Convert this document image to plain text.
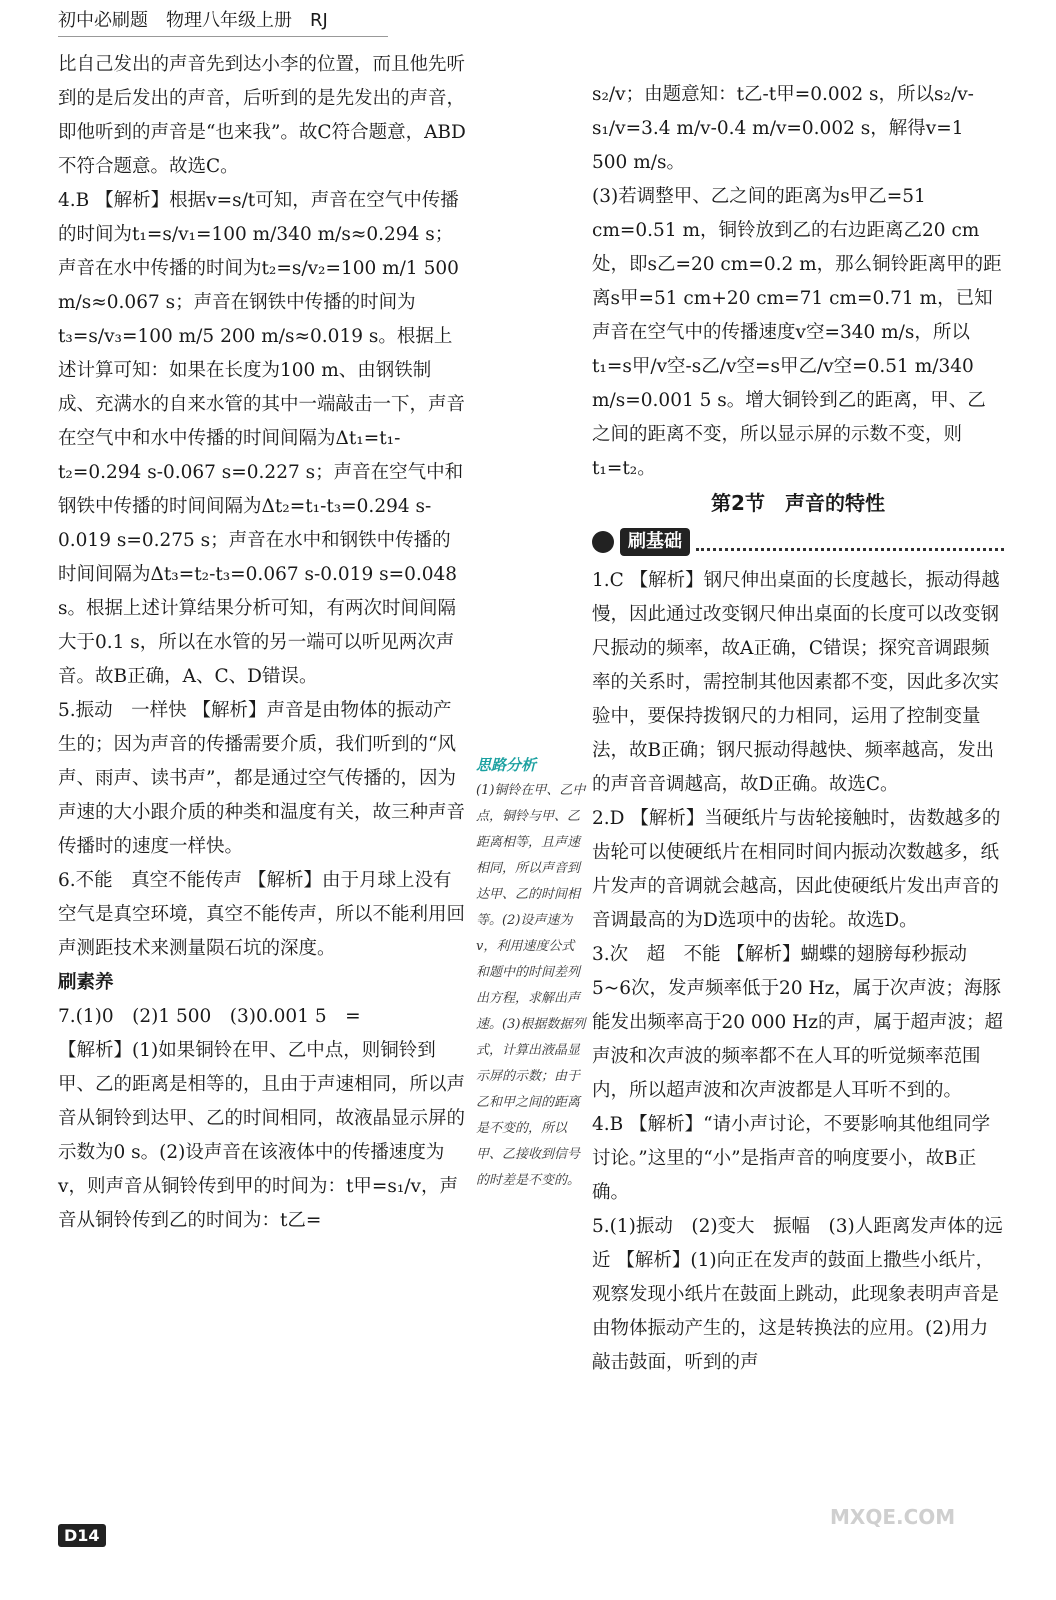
初中必刷题　物理八年级上册　RJ

比自己发出的声音先到达小李的位置，而且他先听到的是后发出的声音，后听到的是先发出的声音，即他听到的声音是“也来我”。故C符合题意，ABD不符合题意。故选C。

4.B 【解析】根据v=s/t可知，声音在空气中传播的时间为t₁=s/v₁=100 m/340 m/s≈0.294 s；声音在水中传播的时间为t₂=s/v₂=100 m/1 500 m/s≈0.067 s；声音在钢铁中传播的时间为t₃=s/v₃=100 m/5 200 m/s≈0.019 s。根据上述计算可知：如果在长度为100 m、由钢铁制成、充满水的自来水管的其中一端敲击一下，声音在空气中和水中传播的时间间隔为Δt₁=t₁-t₂=0.294 s-0.067 s=0.227 s；声音在空气中和钢铁中传播的时间间隔为Δt₂=t₁-t₃=0.294 s-0.019 s=0.275 s；声音在水中和钢铁中传播的时间间隔为Δt₃=t₂-t₃=0.067 s-0.019 s=0.048 s。根据上述计算结果分析可知，有两次时间间隔大于0.1 s，所以在水管的另一端可以听见两次声音。故B正确，A、C、D错误。

5.振动　一样快 【解析】声音是由物体的振动产生的；因为声音的传播需要介质，我们听到的“风声、雨声、读书声”，都是通过空气传播的，因为声速的大小跟介质的种类和温度有关，故三种声音传播时的速度一样快。

6.不能　真空不能传声 【解析】由于月球上没有空气是真空环境，真空不能传声，所以不能利用回声测距技术来测量陨石坑的深度。

刷素养

7.(1)0　(2)1 500　(3)0.001 5　=

【解析】(1)如果铜铃在甲、乙中点，则铜铃到甲、乙的距离是相等的，且由于声速相同，所以声音从铜铃到达甲、乙的时间相同，故液晶显示屏的示数为0 s。(2)设声音在该液体中的传播速度为v，则声音从铜铃传到甲的时间为：t甲=s₁/v，声音从铜铃传到乙的时间为：t乙=

思路分析
(1)铜铃在甲、乙中点，铜铃与甲、乙距离相等，且声速相同，所以声音到达甲、乙的时间相等。(2)设声速为v，利用速度公式和题中的时间差列出方程，求解出声速。(3)根据数据列式，计算出液晶显示屏的示数；由于乙和甲之间的距离是不变的，所以甲、乙接收到信号的时差是不变的。

s₂/v；由题意知：t乙-t甲=0.002 s，所以s₂/v-s₁/v=3.4 m/v-0.4 m/v=0.002 s，解得v=1 500 m/s。

(3)若调整甲、乙之间的距离为s甲乙=51 cm=0.51 m，铜铃放到乙的右边距离乙20 cm处，即s乙=20 cm=0.2 m，那么铜铃距离甲的距离s甲=51 cm+20 cm=71 cm=0.71 m，已知声音在空气中的传播速度v空=340 m/s，所以t₁=s甲/v空-s乙/v空=s甲乙/v空=0.51 m/340 m/s=0.001 5 s。增大铜铃到乙的距离，甲、乙之间的距离不变，所以显示屏的示数不变，则t₁=t₂。

第2节　声音的特性

刷基础

1.C 【解析】钢尺伸出桌面的长度越长，振动得越慢，因此通过改变钢尺伸出桌面的长度可以改变钢尺振动的频率，故A正确，C错误；探究音调跟频率的关系时，需控制其他因素都不变，因此多次实验中，要保持拨钢尺的力相同，运用了控制变量法，故B正确；钢尺振动得越快、频率越高，发出的声音音调越高，故D正确。故选C。

2.D 【解析】当硬纸片与齿轮接触时，齿数越多的齿轮可以使硬纸片在相同时间内振动次数越多，纸片发声的音调就会越高，因此使硬纸片发出声音的音调最高的为D选项中的齿轮。故选D。

3.次　超　不能 【解析】蝴蝶的翅膀每秒振动5~6次，发声频率低于20 Hz，属于次声波；海豚能发出频率高于20 000 Hz的声，属于超声波；超声波和次声波的频率都不在人耳的听觉频率范围内，所以超声波和次声波都是人耳听不到的。

4.B 【解析】“请小声讨论，不要影响其他组同学讨论。”这里的“小”是指声音的响度要小，故B正确。

5.(1)振动　(2)变大　振幅　(3)人距离发声体的远近 【解析】(1)向正在发声的鼓面上撒些小纸片，观察发现小纸片在鼓面上跳动，此现象表明声音是由物体振动产生的，这是转换法的应用。(2)用力敲击鼓面，听到的声

D14
MXQE.COM
